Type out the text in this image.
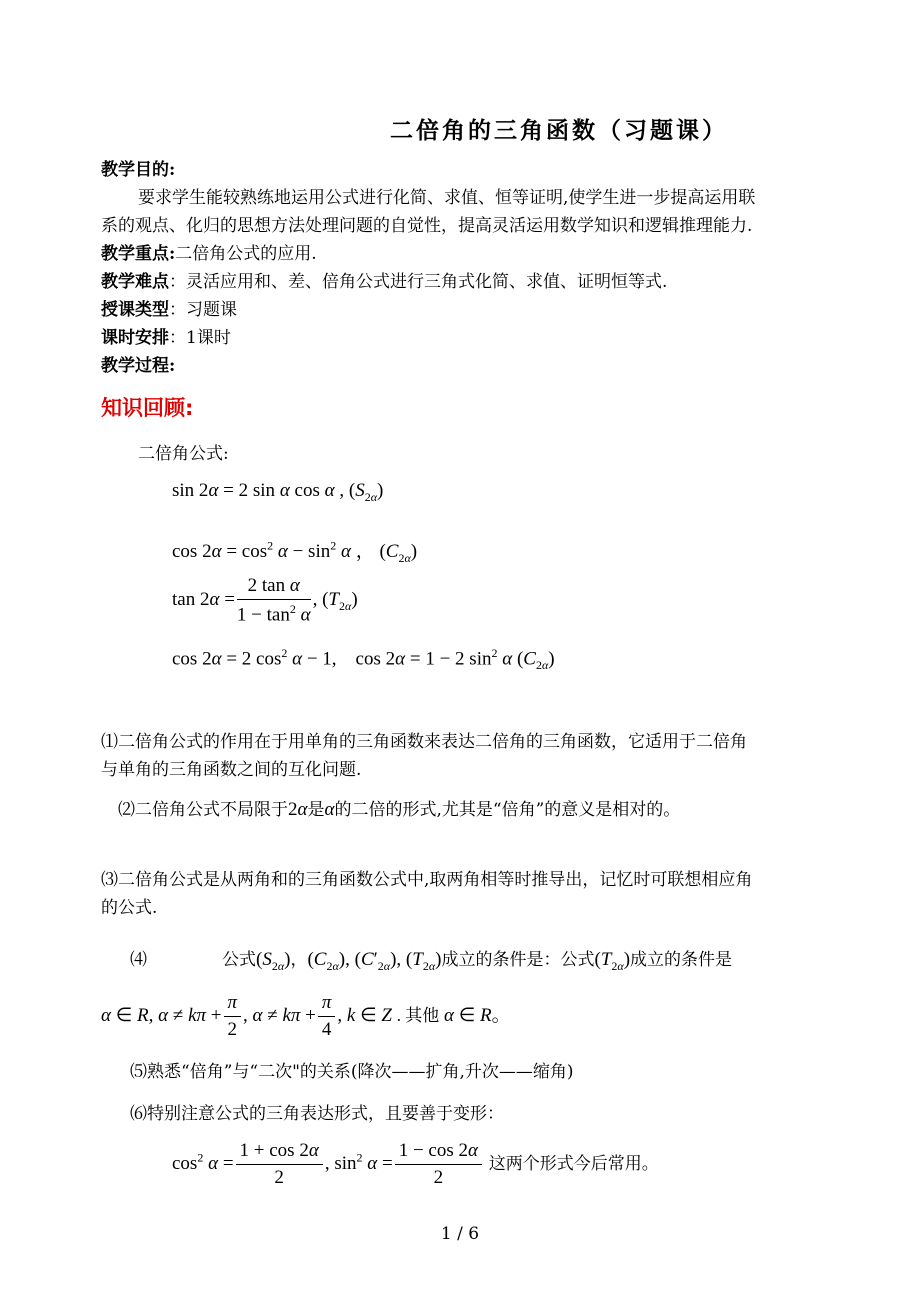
二倍角的三角函数（习题课）
教学目的:
要求学生能较熟练地运用公式进行化简、求值、恒等证明,使学生进一步提高运用联
系的观点、化归的思想方法处理问题的自觉性，提高灵活运用数学知识和逻辑推理能力.
教学重点:二倍角公式的应用.
教学难点：灵活应用和、差、倍角公式进行三角式化简、求值、证明恒等式.
授课类型：习题课
课时安排：1课时
教学过程:
知识回顾:
二倍角公式:
sin 2α = 2 sin α cos α , $(S_{2\alpha})$
$\cos 2\alpha = \cos^2 \alpha - \sin^2 \alpha$ ， $(C_{2\alpha})$
$\tan 2\alpha = \frac{\text{2 tan α}}{1 - \tan^2 \alpha}$ , $(T_{2\alpha})$
cos 2α = 2 $\cos^2 \alpha - 1$,    cos 2α = 1 − 2 $\sin^2 \alpha$ $(C_{2\alpha})$
⑴二倍角公式的作用在于用单角的三角函数来表达二倍角的三角函数，它适用于二倍角
与单角的三角函数之间的互化问题.
⑵二倍角公式不局限于2α是α的二倍的形式,尤其是“倍角”的意义是相对的。
⑶二倍角公式是从两角和的三角函数公式中,取两角相等时推导出，记忆时可联想相应角
的公式.
⑷	公式$(S_{2\alpha})$，$(C_{2\alpha})$, $(C'_{2\alpha})$, $(T_{2\alpha})$成立的条件是：公式$(T_{2\alpha})$成立的条件是
α ∈ R, $\alpha \ne k\pi + \frac{\pi}{2}$ , $\alpha \ne k\pi + \frac{\pi}{4}$ , k ∈ Z . 其他 α ∈ R。
⑸熟悉“倍角”与“二次"的关系(降次——扩角,升次——缩角)
⑹特别注意公式的三角表达形式，且要善于变形：
$\cos^2 \alpha = \frac{1 + \cos 2\alpha}{2}$ , $\sin^2 \alpha = \frac{1 - \cos 2\alpha}{2}$ 这两个形式今后常用。
1 / 6
